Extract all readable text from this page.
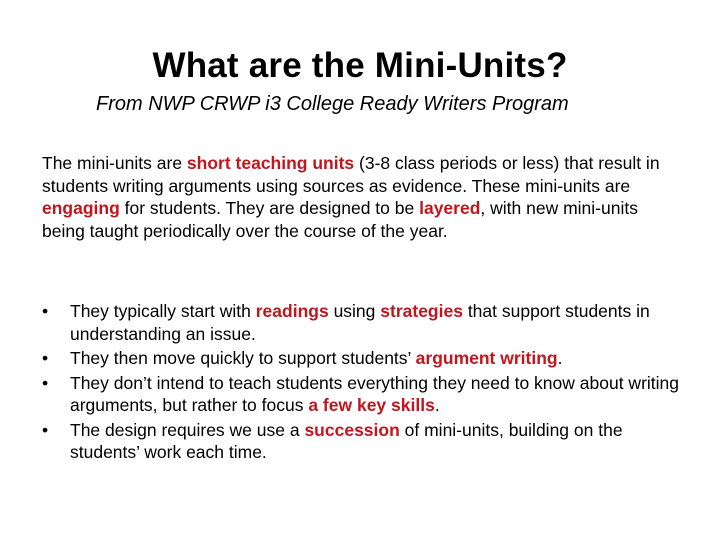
What are the Mini-Units?
From NWP CRWP i3 College Ready Writers Program

The mini-units are short teaching units (3-8 class periods or less) that result in students writing arguments using sources as evidence. These mini-units are engaging for students. They are designed to be layered, with new mini-units being taught periodically over the course of the year.

• They typically start with readings using strategies that support students in understanding an issue.
• They then move quickly to support students’ argument writing.
• They don’t intend to teach students everything they need to know about writing arguments, but rather to focus a few key skills.
• The design requires we use a succession of mini-units, building on the students’ work each time.
